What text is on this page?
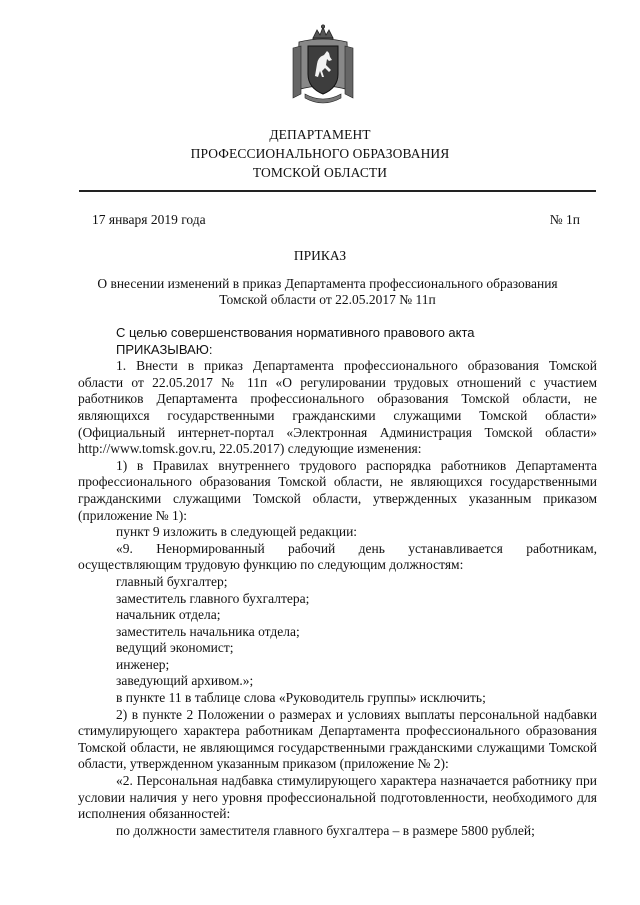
ДЕПАРТАМЕНТ
ПРОФЕССИОНАЛЬНОГО ОБРАЗОВАНИЯ
ТОМСКОЙ ОБЛАСТИ
17 января 2019 года	№ 1п
ПРИКАЗ
О внесении изменений в приказ Департамента профессионального образования
Томской области от 22.05.2017 № 11п

С целью совершенствования нормативного правового акта

ПРИКАЗЫВАЮ:

1. Внести в приказ Департамента профессионального образования Томской области от 22.05.2017 № 11п «О регулировании трудовых отношений с участием работников Департамента профессионального образования Томской области, не являющихся государственными гражданскими служащими Томской области» (Официальный интернет-портал «Электронная Администрация Томской области» http://www.tomsk.gov.ru, 22.05.2017) следующие изменения:

1) в Правилах внутреннего трудового распорядка работников Департамента профессионального образования Томской области, не являющихся государственными гражданскими служащими Томской области, утвержденных указанным приказом (приложение № 1):

пункт 9 изложить в следующей редакции:

«9. Ненормированный рабочий день устанавливается работникам,

осуществляющим трудовую функцию по следующим должностям:

главный бухгалтер;

заместитель главного бухгалтера;

начальник отдела;

заместитель начальника отдела;

ведущий экономист;

инженер;

заведующий архивом.»;

в пункте 11 в таблице слова «Руководитель группы» исключить;

2) в пункте 2 Положении о размерах и условиях выплаты персональной надбавки стимулирующего характера работникам Департамента профессионального образования Томской области, не являющимся государственными гражданскими служащими Томской области, утвержденном указанным приказом (приложение № 2):

«2. Персональная надбавка стимулирующего характера назначается работнику при условии наличия у него уровня профессиональной подготовленности, необходимого для исполнения обязанностей:

по должности заместителя главного бухгалтера – в размере 5800 рублей;
